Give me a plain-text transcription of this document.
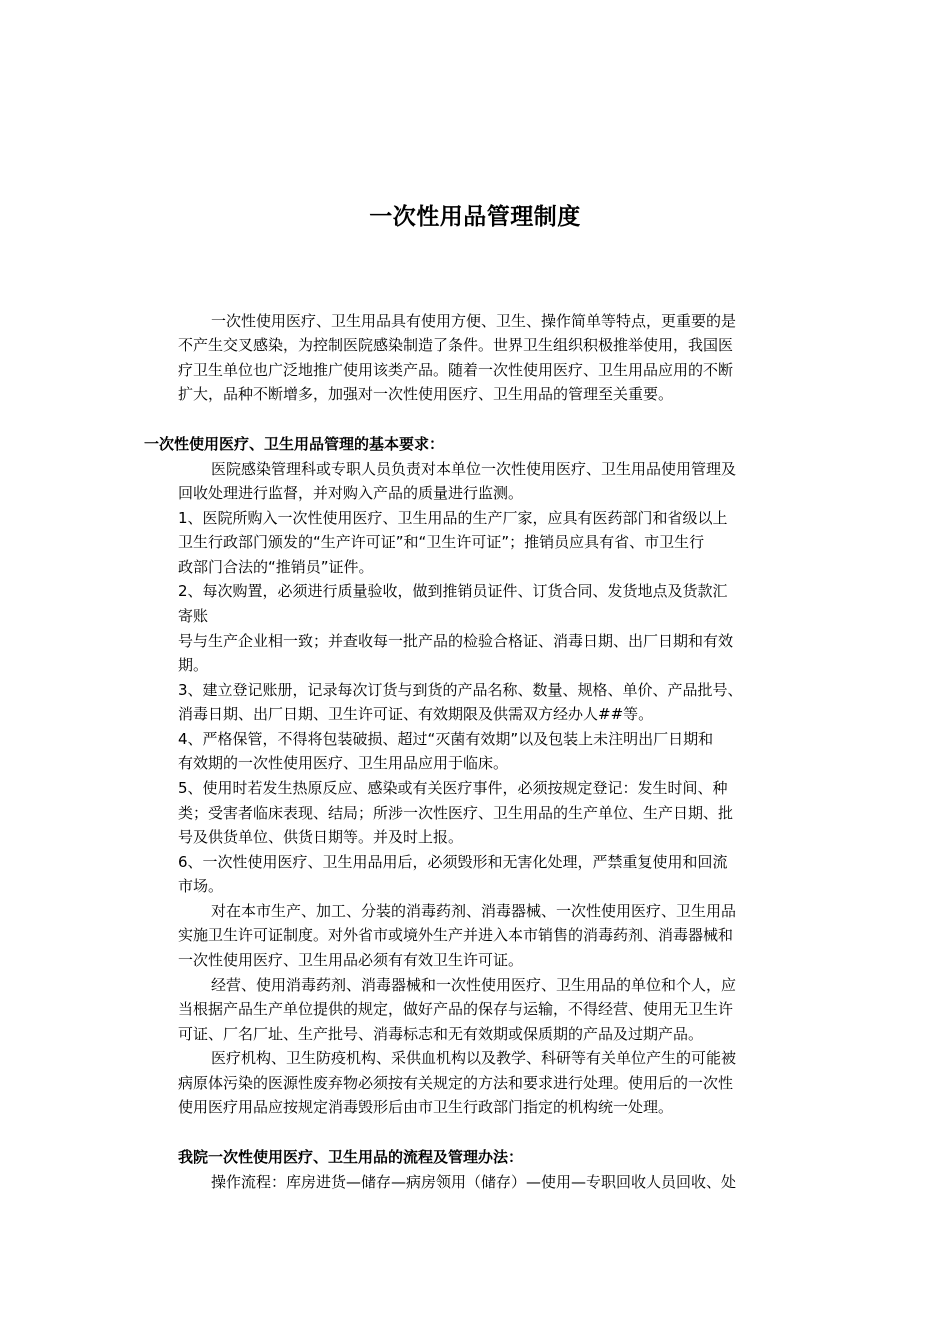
一次性用品管理制度
一次性使用医疗、卫生用品具有使用方便、卫生、操作简单等特点，更重要的是
不产生交叉感染，为控制医院感染制造了条件。世界卫生组织积极推举使用，我国医
疗卫生单位也广泛地推广使用该类产品。随着一次性使用医疗、卫生用品应用的不断
扩大，品种不断增多，加强对一次性使用医疗、卫生用品的管理至关重要。
一次性使用医疗、卫生用品管理的基本要求：
医院感染管理科或专职人员负责对本单位一次性使用医疗、卫生用品使用管理及
回收处理进行监督，并对购入产品的质量进行监测。
1、医院所购入一次性使用医疗、卫生用品的生产厂家，应具有医药部门和省级以上
卫生行政部门颁发的“生产许可证”和“卫生许可证”；推销员应具有省、市卫生行
政部门合法的“推销员”证件。
2、每次购置，必须进行质量验收，做到推销员证件、订货合同、发货地点及货款汇
寄账
号与生产企业相一致；并查收每一批产品的检验合格证、消毒日期、出厂日期和有效
期。
3、建立登记账册，记录每次订货与到货的产品名称、数量、规格、单价、产品批号、
消毒日期、出厂日期、卫生许可证、有效期限及供需双方经办人##等。
4、严格保管，不得将包装破损、超过“灭菌有效期”以及包装上未注明出厂日期和
有效期的一次性使用医疗、卫生用品应用于临床。
5、使用时若发生热原反应、感染或有关医疗事件，必须按规定登记：发生时间、种
类；受害者临床表现、结局；所涉一次性医疗、卫生用品的生产单位、生产日期、批
号及供货单位、供货日期等。并及时上报。
6、一次性使用医疗、卫生用品用后，必须毁形和无害化处理，严禁重复使用和回流
市场。
对在本市生产、加工、分装的消毒药剂、消毒器械、一次性使用医疗、卫生用品
实施卫生许可证制度。对外省市或境外生产并进入本市销售的消毒药剂、消毒器械和
一次性使用医疗、卫生用品必须有有效卫生许可证。
经营、使用消毒药剂、消毒器械和一次性使用医疗、卫生用品的单位和个人，应
当根据产品生产单位提供的规定，做好产品的保存与运输，不得经营、使用无卫生许
可证、厂名厂址、生产批号、消毒标志和无有效期或保质期的产品及过期产品。
医疗机构、卫生防疫机构、采供血机构以及教学、科研等有关单位产生的可能被
病原体污染的医源性废弃物必须按有关规定的方法和要求进行处理。使用后的一次性
使用医疗用品应按规定消毒毁形后由市卫生行政部门指定的机构统一处理。
我院一次性使用医疗、卫生用品的流程及管理办法：
操作流程：库房进货—储存—病房领用（储存）—使用—专职回收人员回收、处
